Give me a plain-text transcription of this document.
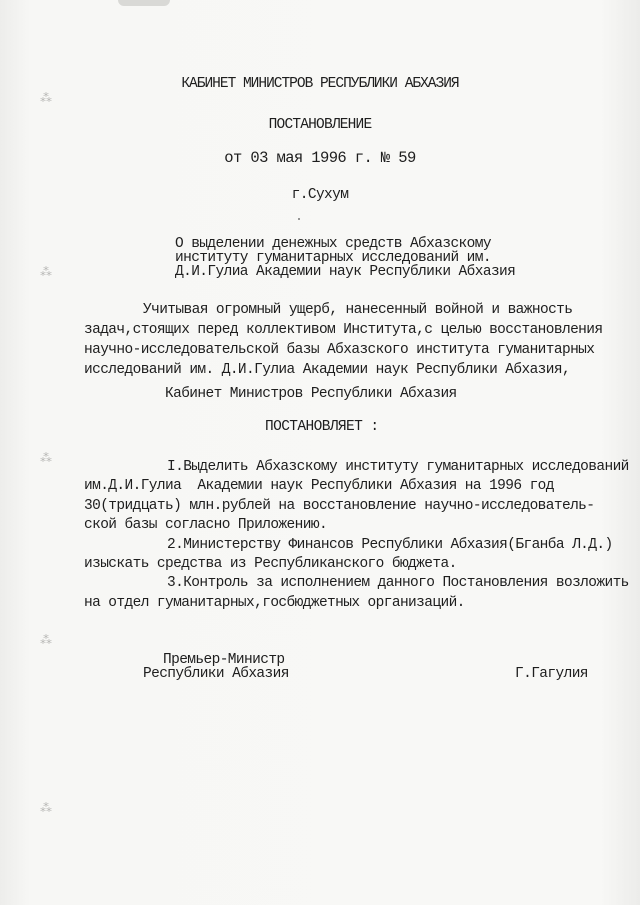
⁂
⁂
⁂
⁂
⁂
КАБИНЕТ МИНИСТРОВ РЕСПУБЛИКИ АБХАЗИЯ
ПОСТАНОВЛЕНИЕ
от 03 мая 1996 г. № 59
г.Сухум
О выделении денежных средств Абхазскому
институту гуманитарных исследований им.
Д.И.Гулиа Академии наук Республики Абхазия
Учитывая огромный ущерб, нанесенный войной и важность
задач,стоящих перед коллективом Института,с целью восстановления
научно-исследовательской базы Абхазского института гуманитарных
исследований им. Д.И.Гулиа Академии наук Республики Абхазия,
Кабинет Министров Республики Абхазия
ПОСТАНОВЛЯЕТ :
I.Выделить Абхазскому институту гуманитарных исследований
им.Д.И.Гулиа  Академии наук Республики Абхазия на 1996 год
30(тридцать) млн.рублей на восстановление научно-исследователь-
ской базы согласно Приложению.
2.Министерству Финансов Республики Абхазия(Бганба Л.Д.)
изыскать средства из Республиканского бюджета.
3.Контроль за исполнением данного Постановления возложить
на отдел гуманитарных,госбюджетных организаций.
Премьер-Министр
Республики Абхазия	Г.Гагулия
